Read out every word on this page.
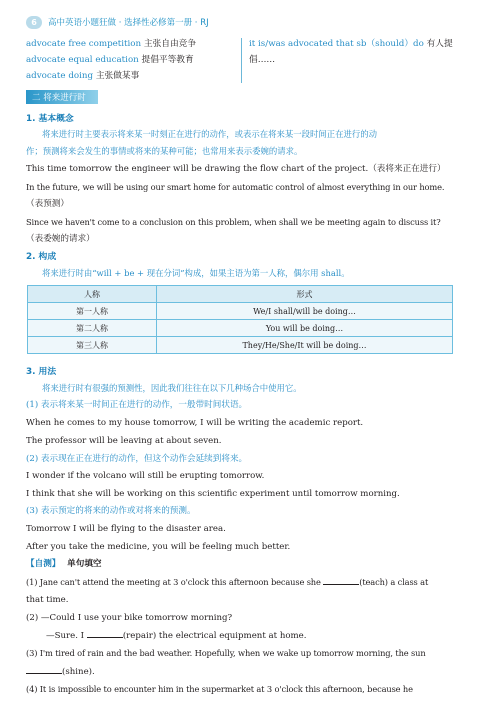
6	高中英语小题狂做 · 选择性必修第一册 · RJ
advocate free competition 主张自由竞争
advocate equal education 提倡平等教育
advocate doing 主张做某事
it is/was advocated that sb（should）do 有人提
倡……
二 将来进行时
1. 基本概念
将来进行时主要表示将来某一时刻正在进行的动作，或表示在将来某一段时间正在进行的动
作；预测将来会发生的事情或将来的某种可能；也常用来表示委婉的请求。
This time tomorrow the engineer will be drawing the flow chart of the project.（表将来正在进行）
In the future, we will be using our smart home for automatic control of almost everything in our home.
（表预测）
Since we haven't come to a conclusion on this problem, when shall we be meeting again to discuss it?
（表委婉的请求）
2. 构成
将来进行时由“will + be + 现在分词”构成，如果主语为第一人称，偶尔用 shall。
人称	形式
第一人称	We/I shall/will be doing…
第二人称	You will be doing…
第三人称	They/He/She/It will be doing…
3. 用法
将来进行时有很强的预测性，因此我们往往在以下几种场合中使用它。
(1) 表示将来某一时间正在进行的动作，一般带时间状语。
When he comes to my house tomorrow, I will be writing the academic report.
The professor will be leaving at about seven.
(2) 表示现在正在进行的动作，但这个动作会延续到将来。
I wonder if the volcano will still be erupting tomorrow.
I think that she will be working on this scientific experiment until tomorrow morning.
(3) 表示预定的将来的动作或对将来的预测。
Tomorrow I will be flying to the disaster area.
After you take the medicine, you will be feeling much better.
【自测】 单句填空
(1) Jane can't attend the meeting at 3 o'clock this afternoon because she	(teach) a class at
that time.
(2) —Could I use your bike tomorrow morning?
—Sure. I	(repair) the electrical equipment at home.
(3) I'm tired of rain and the bad weather. Hopefully, when we wake up tomorrow morning, the sun
(shine).
(4) It is impossible to encounter him in the supermarket at 3 o'clock this afternoon, because he
